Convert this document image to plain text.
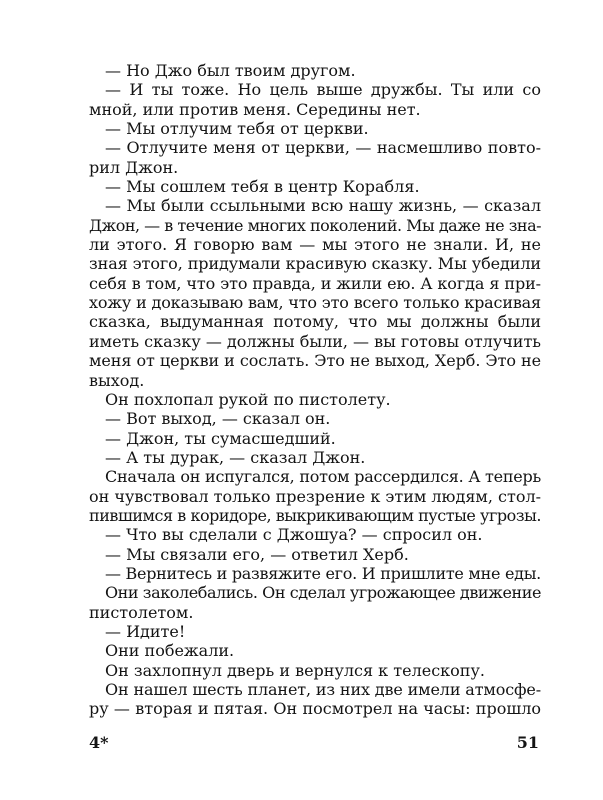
— Но Джо был твоим другом.
— И ты тоже. Но цель выше дружбы. Ты или со
мной, или против меня. Середины нет.
— Мы отлучим тебя от церкви.
— Отлучите меня от церкви, — насмешливо повто-
рил Джон.
— Мы сошлем тебя в центр Корабля.
— Мы были ссыльными всю нашу жизнь, — сказал
Джон, — в течение многих поколений. Мы даже не зна-
ли этого. Я говорю вам — мы этого не знали. И, не
зная этого, придумали красивую сказку. Мы убедили
себя в том, что это правда, и жили ею. А когда я при-
хожу и доказываю вам, что это всего только красивая
сказка, выдуманная потому, что мы должны были
иметь сказку — должны были, — вы готовы отлучить
меня от церкви и сослать. Это не выход, Херб. Это не
выход.
Он похлопал рукой по пистолету.
— Вот выход, — сказал он.
— Джон, ты сумасшедший.
— А ты дурак, — сказал Джон.
Сначала он испугался, потом рассердился. А теперь
он чувствовал только презрение к этим людям, стол-
пившимся в коридоре, выкрикивающим пустые угрозы.
— Что вы сделали с Джошуа? — спросил он.
— Мы связали его, — ответил Херб.
— Вернитесь и развяжите его. И пришлите мне еды.
Они заколебались. Он сделал угрожающее движение
пистолетом.
— Идите!
Они побежали.
Он захлопнул дверь и вернулся к телескопу.
Он нашел шесть планет, из них две имели атмосфе-
ру — вторая и пятая. Он посмотрел на часы: прошло
4*	51
